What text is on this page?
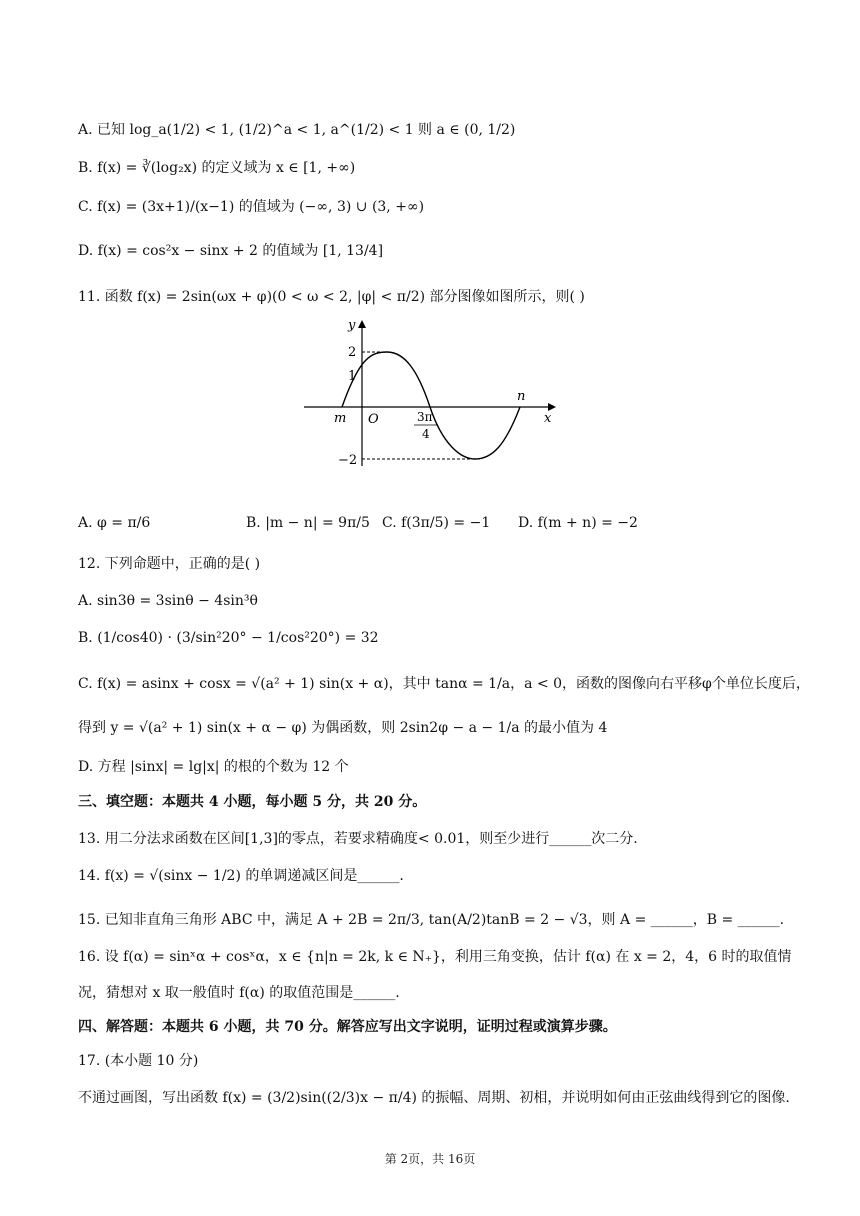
A. 已知 log_a(1/2) < 1, (1/2)^a < 1, a^(1/2) < 1 则 a ∈ (0, 1/2)
B. f(x) = ∛(log₂x) 的定义域为 x ∈ [1, +∞)
C. f(x) = (3x+1)/(x−1) 的值域为 (−∞, 3) ∪ (3, +∞)
D. f(x) = cos²x − sinx + 2 的值域为 [1, 13/4]
11. 函数 f(x) = 2sin(ωx + φ)(0 < ω < 2, |φ| < π/2) 部分图像如图所示，则( )
y
x
2
1
−2
O
m
n
3π
4
A. φ = π/6	B. |m − n| = 9π/5 C. f(3π/5) = −1 D. f(m + n) = −2
12. 下列命题中，正确的是( )
A. sin3θ = 3sinθ − 4sin³θ
B. (1/cos40) · (3/sin²20° − 1/cos²20°) = 32
C. f(x) = asinx + cosx = √(a² + 1) sin(x + α)，其中 tanα = 1/a，a < 0，函数的图像向右平移φ个单位长度后，
得到 y = √(a² + 1) sin(x + α − φ) 为偶函数，则 2sin2φ − a − 1/a 的最小值为 4
D. 方程 |sinx| = lg|x| 的根的个数为 12 个
三、填空题：本题共 4 小题，每小题 5 分，共 20 分。
13. 用二分法求函数在区间[1,3]的零点，若要求精确度< 0.01，则至少进行______次二分.
14. f(x) = √(sinx − 1/2) 的单调递减区间是______.
15. 已知非直角三角形 ABC 中，满足 A + 2B = 2π/3, tan(A/2)tanB = 2 − √3，则 A = ______，B = ______.
16. 设 f(α) = sinˣα + cosˣα，x ∈ {n|n = 2k, k ∈ N₊}，利用三角变换，估计 f(α) 在 x = 2，4，6 时的取值情
况，猜想对 x 取一般值时 f(α) 的取值范围是______.
四、解答题：本题共 6 小题，共 70 分。解答应写出文字说明，证明过程或演算步骤。
17. (本小题 10 分)
不通过画图，写出函数 f(x) = (3/2)sin((2/3)x − π/4) 的振幅、周期、初相，并说明如何由正弦曲线得到它的图像.
第 2页，共 16页
